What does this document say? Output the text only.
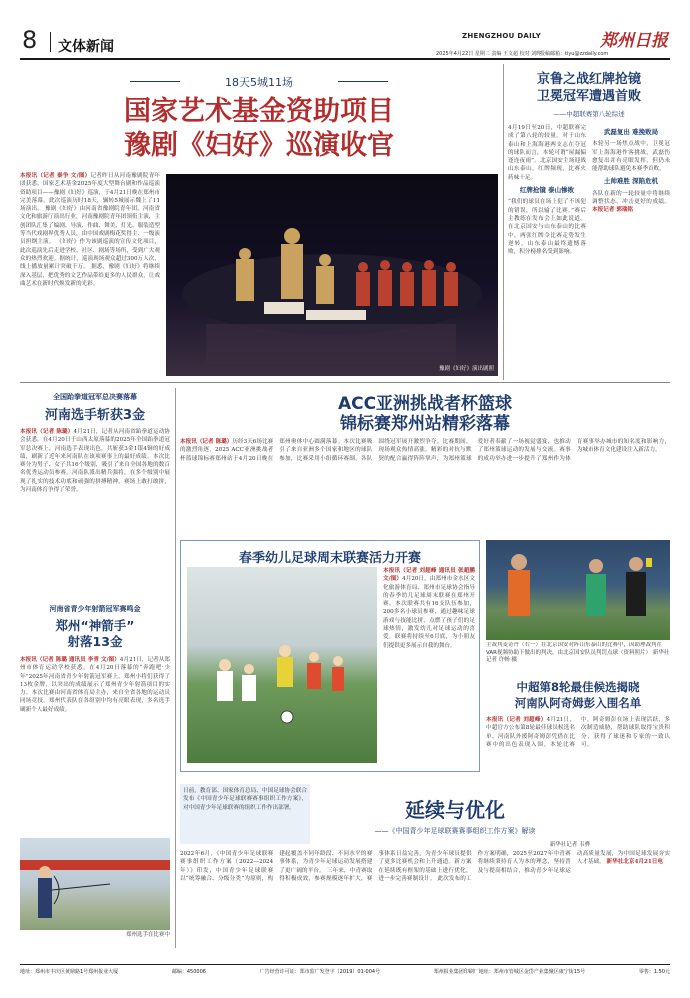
8 文体新闻	2025年4月22日 星期二 责编 王文超 校对 刘晔
ZHENGZHOU DAILY
投稿邮箱：tiyu@zzdaily.com
郑州日报
18天5城11场
国家艺术基金资助项目
豫剧《妇好》巡演收官
本报讯（记者 秦争 文/图）记者昨日从河南豫剧院青年团获悉，国家艺术基金2025年度大型舞台剧和作品巡演资助项目——豫剧《妇好》巡演，于4月21日晚在郑州市完美落幕。此次巡演历时18天，辗转5城展示魏上了11场演出。 豫剧《妇好》由河南省豫剧院青年团，河南省文化和旅游厅演出行业，河南豫剧院青年团领衔主演，主创团队汇集了编剧、导演、作曲、舞美、灯光、服装造型等当代戏剧界优秀人员，由中国戏剧梅花奖得主、一级演员担纲主演。 《妇好》作为该剧巡演的宣传文化项目，此次巡演先后走进学校、社区、剧场等场所，受到广大观众的热烈欢迎。据统计，巡演现场观众超过300万人次，线上播放量累计突破千万。 据悉，豫剧《妇好》将继续深入基层，把优秀的文艺作品带给更多的人民群众，让戏曲艺术在新时代焕发新的光彩。
豫剧《妇好》演出剧照
京鲁之战红牌抢镜
卫冕冠军遭遇首败
——中超联赛第八轮综述
4月19日至20日，中超联赛完成了第八轮的较量。对于山东泰山和上海海港两支志在夺冠的球队而言，本轮可谓“屋漏偏逢连夜雨”。北京国安主场迎战山东泰山，红牌频现，比赛火药味十足。
红牌抢镜 泰山惨败
“我们的球员在场上犯了不该犯的错误，所以输了比赛。”赛后主教练在发布会上如此说道。在北京国安与山东泰山的比赛中，两张红牌令比赛走势发生逆转，山东泰山最终遗憾落败，积分榜排名受到影响。
武磊复出 难挽败局
本轮另一场焦点战中，卫冕冠军上海海港作客挑战，武磊伤愈复出并有亮眼发挥，但仍未能帮助球队避免本赛季首败。
土帅难胜 深陷危机
各队在新的一轮较量中将继续调整状态，冲击更好的成绩。 本报记者 郭瑞铭
全国跆拳道冠军总决赛落幕
河南选手斩获3金
本报讯（记者 陈璐）4月21日，记者从河南省跆拳道运动协会获悉，在4月20日于山西太原落幕的2025年全国跆拳道冠军总决赛上，河南选手表现出色，共斩获3金1银4铜的好成绩，刷新了近年来河南队在该项赛事上的最好成绩。本次比赛分为男子、女子共16个级别，吸引了来自全国各地的数百名优秀运动员参赛。河南队派出精兵强将，在多个级别中展现了扎实的技术功底和顽强的拼搏精神，赛场上敢打敢拼，为河南体育争得了荣誉。
ACC亚洲挑战者杯篮球
锦标赛郑州站精彩落幕
本报讯（记者 陈璐）历经3天6场比赛的激烈角逐，2025 ACC亚洲挑战者杯篮球锦标赛郑州站于4月20日晚在郑州奥体中心圆满落幕。本次比赛吸引了来自亚洲多个国家和地区的球队参加，比赛采用小组循环赛制，各队围绕冠军展开激烈争夺。比赛期间，现场观众热情高涨，精彩的对抗与默契的配合赢得阵阵掌声，为郑州篮球爱好者奉献了一场视觉盛宴，也推动了郑州篮球运动的发展与交流。赛事的成功举办进一步提升了郑州作为体育赛事举办城市的知名度和影响力，为城市体育文化建设注入新活力。
春季幼儿足球周末联赛活力开赛
本报讯（记者 刘超峰 通讯员 张超鹏 文/图）4月20日，由郑州市金水区文化旅游体育局、郑州市足球协会指导的春季幼儿足球周末联赛在郑州开赛。本次联赛共有16支队伍参加，200多名小球员参赛，通过趣味足球游戏与技能比拼，点燃了孩子们的足球热情，激发幼儿对足球运动的喜爱。联赛将持续至6月底，为小朋友们提供更多展示自我的舞台。	主裁判麦奇丹（右一）在北京国安对阵山东泰山的比赛中，因助理裁判在VAR视频协助下做出的判决，由北京国安队员判罚点球（资料照片） 新华社记者 许畅 摄
中超第8轮最佳候选揭晓
河南队阿奇姆彭入围名单
本报讯（记者 刘超峰）4月21日，中超官方公布第8轮最佳球员候选名单，河南队外援阿奇姆彭凭借在比赛中的出色表现入围。本轮比赛中，阿奇姆彭在场上表现活跃，多次制造威胁，帮助球队取得宝贵积分，获得了球迷和专家的一致认可。
河南省青少年射箭冠军赛鸣金
郑州“神箭手”
射落13金
本报讯（记者 陈璐 通讯员 李青 文/图）4月21日，记者从郑州市体育运动学校获悉，在4月20日落幕的“奔跑吧·少年”2025年河南省青少年射箭冠军赛上，郑州小将们获得了13枚金牌，以突出的成绩展示了郑州青少年射箭项目的实力。本次比赛由河南省体育局主办，来自全省各地的运动员同场竞技，郑州代表队在各组别中均有亮眼表现，多名选手刷新个人最好成绩。
郑州选手在比赛中
日前，教育部、国家体育总局、中国足球协会联合发布《中国青少年足球联赛赛事组织工作方案》，对中国青少年足球联赛的组织工作作出部署。	延续与优化
——《中国青少年足球联赛赛事组织工作方案》解读
新华社记者 韦骅
2022年6月，《中国青少年足球联赛赛事组织工作方案（2022—2024年）》印发，中国青少年足球联赛以“统筹融合、分级分类”为原则，构建起覆盖不同年龄段、不同水平的赛事体系，为青少年足球运动发展搭建了更广阔的平台。 三年来，中青赛取得积极成效，参赛规模逐年扩大，赛事体系日益完善，为青少年球员提供了更多比赛机会和上升通道。新方案在延续既有框架的基础上进行优化，进一步完善赛制设计。 此次发布的工作方案明确，2025至2027年中青赛将继续秉持育人为本的理念，坚持普及与提高相结合，推动青少年足球运动高质量发展，为中国足球发展夯实人才基础。 新华社北京4月21日电
地址：郑州市丰庆区黄鼎路1号郑州报业大厦	邮编：450006	广告经营许可证：郑市监广发登字（2019）01-004号	郑州报业集团印刷厂地址：郑州市管城区金岱产业集聚区康宁街15号	零售：1.50元
